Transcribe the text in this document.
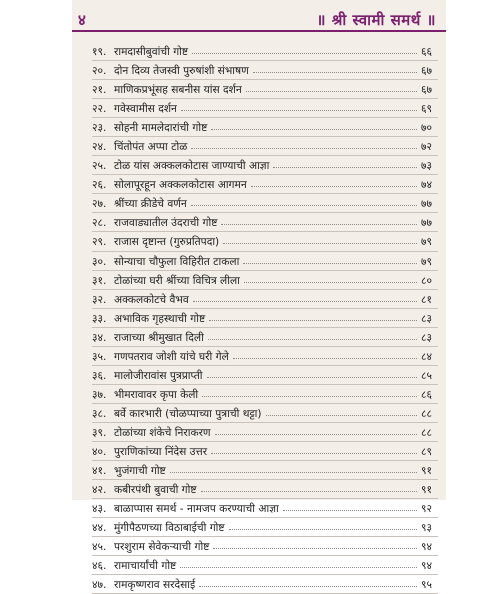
४	॥ श्री स्वामी समर्थ ॥
१९. रामदासीबुवांची गोष्ट	६६
२०. दोन दिव्य तेजस्वी पुरुषांशी संभाषण	६७
२१. माणिकप्रभूंसह सबनीस यांस दर्शन	६७
२२. गवेस्वामीस दर्शन	६९
२३. सोहनी मामलेदारांची गोष्ट	७०
२४. चिंतोपंत अप्पा टोळ	७२
२५. टोळ यांस अक्कलकोटास जाण्याची आज्ञा	७३
२६. सोलापूरहून अक्कलकोटास आगमन	७४
२७. श्रींच्या क्रीडेचे वर्णन	७७
२८. राजवाड्यातील उंदराची गोष्ट	७७
२९. राजास दृष्टान्त (गुरुप्रतिपदा)	७९
३०. सोन्याचा चौफुला विहिरीत टाकला	७९
३१. टोळांच्या घरी श्रींच्या विचित्र लीला	८०
३२. अक्कलकोटचे वैभव	८१
३३. अभाविक गृहस्थाची गोष्ट	८३
३४. राजाच्या श्रीमुखात दिली	८३
३५. गणपतराव जोशी यांचे घरी गेले	८४
३६. मालोजीरावांस पुत्रप्राप्ती	८५
३७. भीमरावावर कृपा केली	८६
३८. बर्वे कारभारी (चोळप्पाच्या पुत्राची थट्टा)	८८
३९. टोळांच्या शंकेचे निराकरण	८८
४०. पुराणिकांच्या निंदेस उत्तर	८९
४१. भुजंगाची गोष्ट	९१
४२. कबीरपंथी बुवाची गोष्ट	९१
४३. बाळाप्पास समर्थ - नामजप करण्याची आज्ञा	९२
४४. मुंगीपैठणच्या विठाबाईची गोष्ट	९३
४५. परशुराम सेवेकऱ्याची गोष्ट	९४
४६. रामाचार्यांची गोष्ट	९४
४७. रामकृष्णराव सरदेसाई	९५
